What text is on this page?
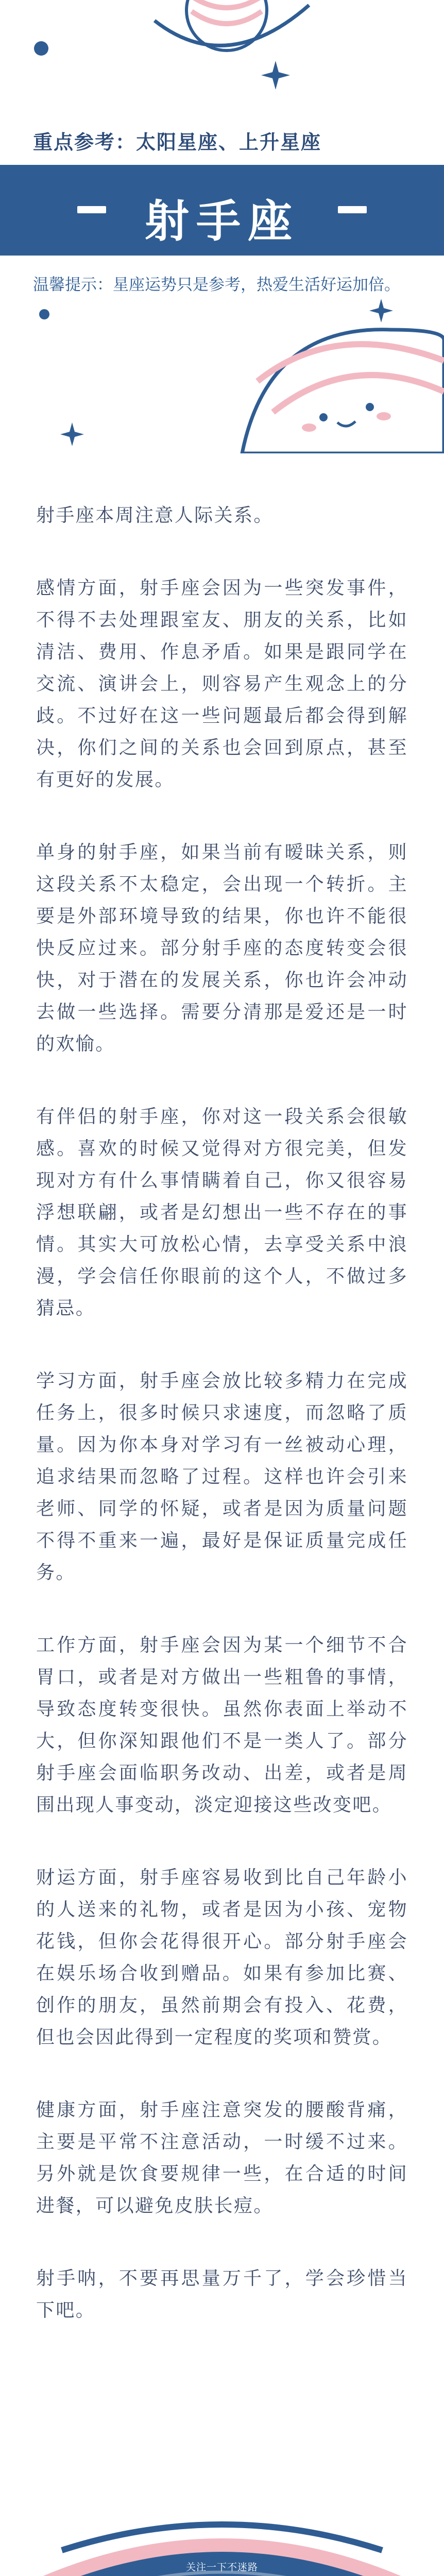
重点参考：太阳星座、上升星座
射手座
温馨提示：星座运势只是参考，热爱生活好运加倍。

射手座本周注意人际关系。

感情方面，射手座会因为一些突发事件，不得不去处理跟室友、朋友的关系，比如清洁、费用、作息矛盾。如果是跟同学在交流、演讲会上，则容易产生观念上的分歧。不过好在这一些问题最后都会得到解决，你们之间的关系也会回到原点，甚至有更好的发展。

单身的射手座，如果当前有暧昧关系，则这段关系不太稳定，会出现一个转折。主要是外部环境导致的结果，你也许不能很快反应过来。部分射手座的态度转变会很快，对于潜在的发展关系，你也许会冲动去做一些选择。需要分清那是爱还是一时的欢愉。

有伴侣的射手座，你对这一段关系会很敏感。喜欢的时候又觉得对方很完美，但发现对方有什么事情瞒着自己，你又很容易浮想联翩，或者是幻想出一些不存在的事情。其实大可放松心情，去享受关系中浪漫，学会信任你眼前的这个人，不做过多猜忌。

学习方面，射手座会放比较多精力在完成任务上，很多时候只求速度，而忽略了质量。因为你本身对学习有一丝被动心理，追求结果而忽略了过程。这样也许会引来老师、同学的怀疑，或者是因为质量问题不得不重来一遍，最好是保证质量完成任务。

工作方面，射手座会因为某一个细节不合胃口，或者是对方做出一些粗鲁的事情，导致态度转变很快。虽然你表面上举动不大，但你深知跟他们不是一类人了。部分射手座会面临职务改动、出差，或者是周围出现人事变动，淡定迎接这些改变吧。

财运方面，射手座容易收到比自己年龄小的人送来的礼物，或者是因为小孩、宠物花钱，但你会花得很开心。部分射手座会在娱乐场合收到赠品。如果有参加比赛、创作的朋友，虽然前期会有投入、花费，但也会因此得到一定程度的奖项和赞赏。

健康方面，射手座注意突发的腰酸背痛，主要是平常不注意活动，一时缓不过来。另外就是饮食要规律一些，在合适的时间进餐，可以避免皮肤长痘。

射手呐，不要再思量万千了，学会珍惜当下吧。

关注一下不迷路
